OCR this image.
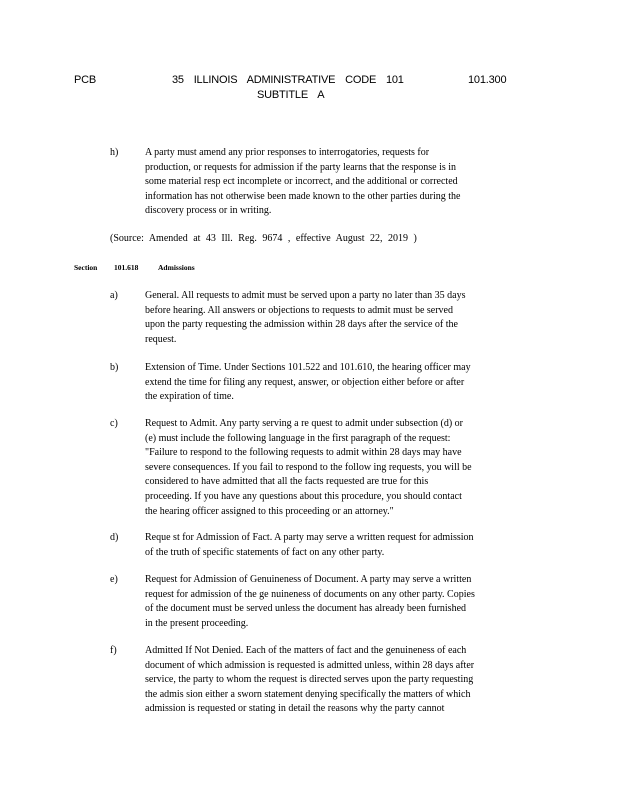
PCB	35 ILLINOIS ADMINISTRATIVE CODE 101
SUBTITLE A
101.300
h)	A party must amend any prior responses to interrogatories, requests for
production, or requests for admission if the party learns that the response is in
some material resp ect incomplete or incorrect, and the additional or corrected
information has not otherwise been made known to the other parties during the
discovery process or in writing.
(Source: Amended at 43 Ill. Reg. 9674 , effective August 22, 2019 )
Section 101.618	Admissions
a)	General. All requests to admit must be served upon a party no later than 35 days
before hearing. All answers or objections to requests to admit must be served
upon the party requesting the admission within 28 days after the service of the
request.
b)	Extension of Time. Under Sections 101.522 and 101.610, the hearing officer may
extend the time for filing any request, answer, or objection either before or after
the expiration of time.
c)	Request to Admit. Any party serving a re quest to admit under subsection (d) or
(e) must include the following language in the first paragraph of the request:
"Failure to respond to the following requests to admit within 28 days may have
severe consequences. If you fail to respond to the follow ing requests, you will be
considered to have admitted that all the facts requested are true for this
proceeding. If you have any questions about this procedure, you should contact
the hearing officer assigned to this proceeding or an attorney."
d)	Reque st for Admission of Fact. A party may serve a written request for admission
of the truth of specific statements of fact on any other party.
e)	Request for Admission of Genuineness of Document. A party may serve a written
request for admission of the ge nuineness of documents on any other party. Copies
of the document must be served unless the document has already been furnished
in the present proceeding.
f)	Admitted If Not Denied. Each of the matters of fact and the genuineness of each
document of which admission is requested is admitted unless, within 28 days after
service, the party to whom the request is directed serves upon the party requesting
the admis sion either a sworn statement denying specifically the matters of which
admission is requested or stating in detail the reasons why the party cannot
